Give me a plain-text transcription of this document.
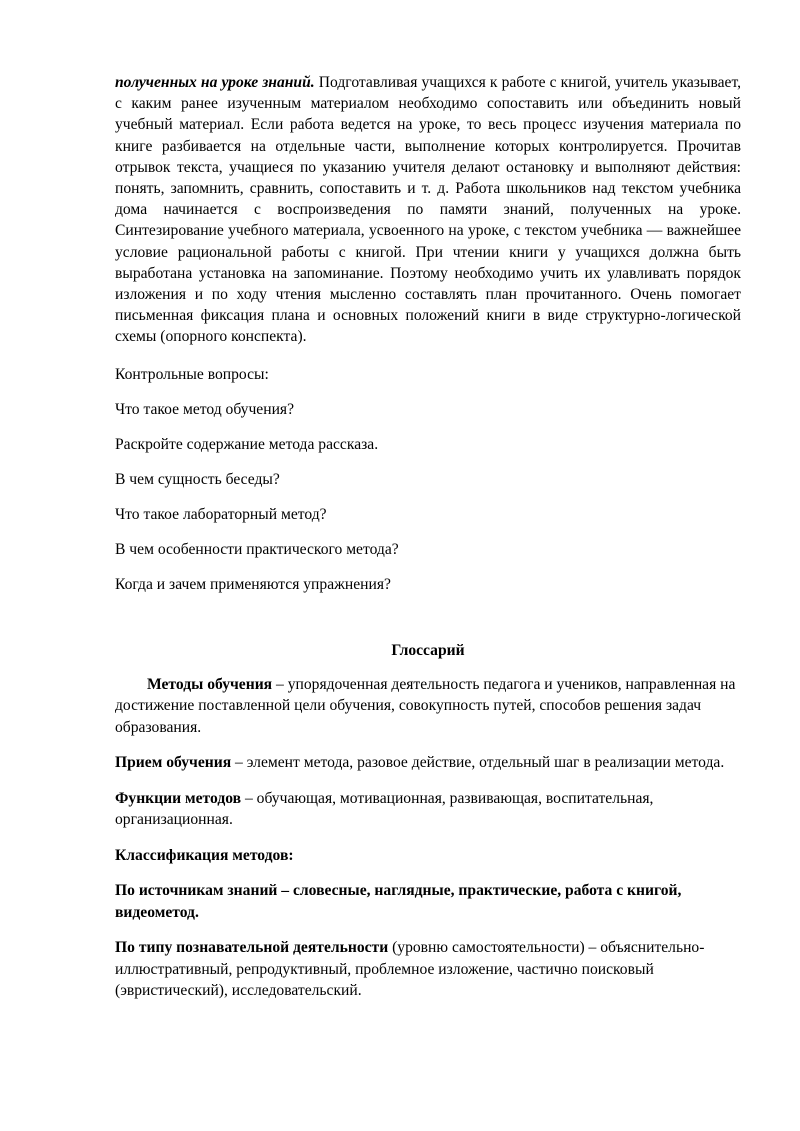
полученных на уроке знаний. Подготавливая учащихся к работе с книгой, учитель указывает, с каким ранее изученным материалом необходимо сопоставить или объединить новый учебный материал. Если работа ведется на уроке, то весь процесс изучения материала по книге разбивается на отдельные части, выполнение которых контролируется. Прочитав отрывок текста, учащиеся по указанию учителя делают остановку и выполняют действия: понять, запомнить, сравнить, сопоставить и т. д. Работа школьников над текстом учебника дома начинается с воспроизведения по памяти знаний, полученных на уроке. Синтезирование учебного материала, усвоенного на уроке, с текстом учебника — важнейшее условие рациональной работы с книгой. При чтении книги у учащихся должна быть выработана установка на запоминание. Поэтому необходимо учить их улавливать порядок изложения и по ходу чтения мысленно составлять план прочитанного. Очень помогает письменная фиксация плана и основных положений книги в виде структурно-логической схемы (опорного конспекта).

Контрольные вопросы:

Что такое метод обучения?

Раскройте содержание метода рассказа.

В чем сущность беседы?

Что такое лабораторный метод?

В чем особенности практического метода?

Когда и зачем применяются упражнения?

Глоссарий

Методы обучения – упорядоченная деятельность педагога и учеников, направленная на достижение поставленной цели обучения, совокупность путей, способов решения задач образования.

Прием обучения – элемент метода, разовое действие, отдельный шаг в реализации метода.

Функции методов – обучающая, мотивационная, развивающая, воспитательная, организационная.

Классификация методов:

По источникам знаний – словесные, наглядные, практические, работа с книгой, видеометод.

По типу познавательной деятельности (уровню самостоятельности) – объяснительно-иллюстративный, репродуктивный, проблемное изложение, частично поисковый (эвристический), исследовательский.
